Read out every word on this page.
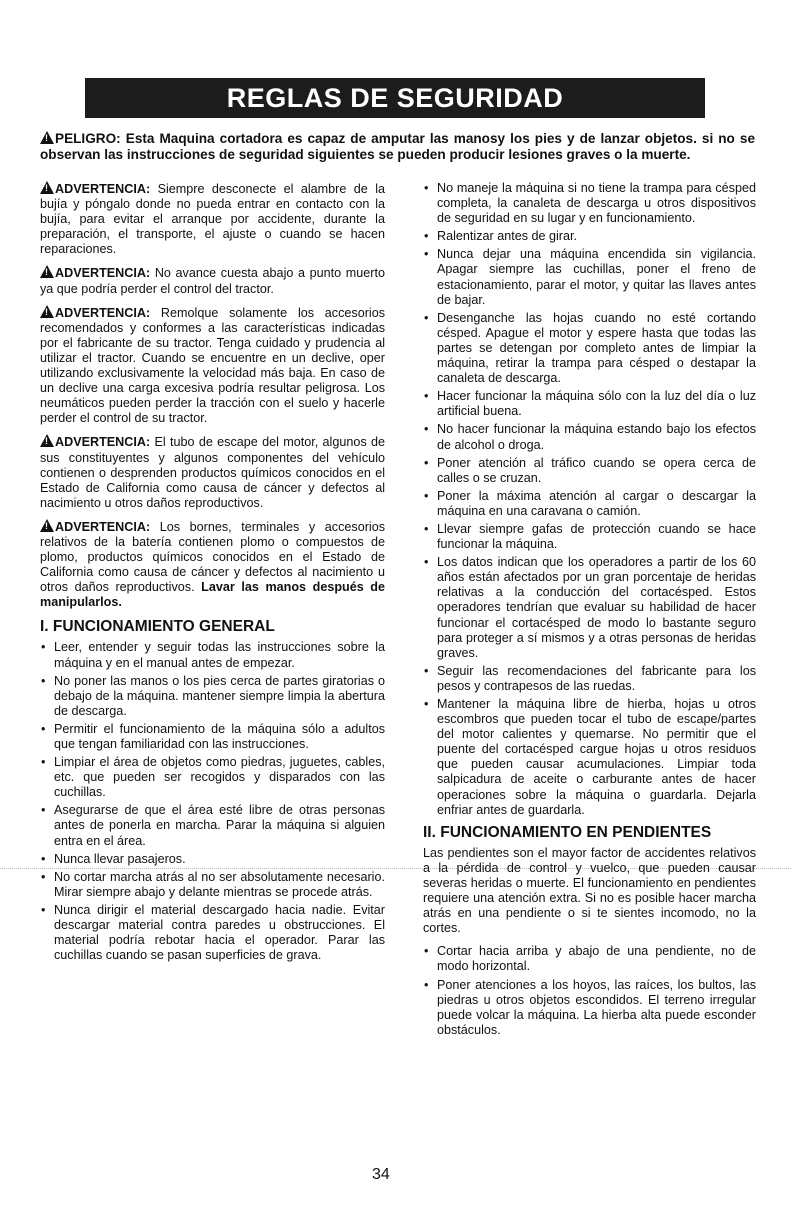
REGLAS DE SEGURIDAD
!PELIGRO: Esta Maquina cortadora es capaz de amputar las manosy los pies y de lanzar objetos. si no se observan las instrucciones de seguridad siguientes se pueden producir lesiones graves o la muerte.

!ADVERTENCIA: Siempre desconecte el alambre de la bujía y póngalo donde no pueda entrar en contacto con la bujía, para evitar el arranque por accidente, durante la preparación, el transporte, el ajuste o cuando se hacen reparaciones.

!ADVERTENCIA: No avance cuesta abajo a punto muerto ya que podría perder el control del tractor.

!ADVERTENCIA: Remolque solamente los accesorios recomendados y conformes a las características indicadas por el fabricante de su tractor. Tenga cuidado y prudencia al utilizar el tractor. Cuando se encuentre en un declive, oper utilizando exclusivamente la velocidad más baja. En caso de un declive una carga excesiva podría resultar peligrosa. Los neumáticos pueden perder la tracción con el suelo y hacerle perder el control de su tractor.

!ADVERTENCIA: El tubo de escape del motor, algunos de sus constituyentes y algunos componentes del vehículo contienen o desprenden productos químicos conocidos en el Estado de California como causa de cáncer y defectos al nacimiento u otros daños reproductivos.

!ADVERTENCIA: Los bornes, terminales y accesorios relativos de la batería contienen plomo o compuestos de plomo, productos químicos conocidos en el Estado de California como causa de cáncer y defectos al nacimiento u otros daños reproductivos. Lavar las manos después de manipularlos.

I. FUNCIONAMIENTO GENERAL
• Leer, entender y seguir todas las instrucciones sobre la máquina y en el manual antes de empezar.
• No poner las manos o los pies cerca de partes giratorias o debajo de la máquina. mantener siempre limpia la abertura de descarga.
• Permitir el funcionamiento de la máquina sólo a adultos que tengan familiaridad con las instrucciones.
• Limpiar el área de objetos como piedras, juguetes, cables, etc. que pueden ser recogidos y disparados con las cuchillas.
• Asegurarse de que el área esté libre de otras personas antes de ponerla en marcha. Parar la máquina si alguien entra en el área.
• Nunca llevar pasajeros.
• No cortar marcha atrás al no ser absolutamente necesario. Mirar siempre abajo y delante mientras se procede atrás.
• Nunca dirigir el material descargado hacia nadie. Evitar descargar material contra paredes u obstrucciones. El material podría rebotar hacia el operador. Parar las cuchillas cuando se pasan superficies de grava.
• No maneje la máquina si no tiene la trampa para césped completa, la canaleta de descarga u otros dispositivos de seguridad en su lugar y en funcionamiento.
• Ralentizar antes de girar.
• Nunca dejar una máquina encendida sin vigilancia. Apagar siempre las cuchillas, poner el freno de estacionamiento, parar el motor, y quitar las llaves antes de bajar.
• Desenganche las hojas cuando no esté cortando césped. Apague el motor y espere hasta que todas las partes se detengan por completo antes de limpiar la máquina, retirar la trampa para césped o destapar la canaleta de descarga.
• Hacer funcionar la máquina sólo con la luz del día o luz artificial buena.
• No hacer funcionar la máquina estando bajo los efectos de alcohol o droga.
• Poner atención al tráfico cuando se opera cerca de calles o se cruzan.
• Poner la máxima atención al cargar o descargar la máquina en una caravana o camión.
• Llevar siempre gafas de protección cuando se hace funcionar la máquina.
• Los datos indican que los operadores a partir de los 60 años están afectados por un gran porcentaje de heridas relativas a la conducción del cortacésped. Estos operadores tendrían que evaluar su habilidad de hacer funcionar el cortacésped de modo lo bastante seguro para proteger a sí mismos y a otras personas de heridas graves.
• Seguir las recomendaciones del fabricante para los pesos y contrapesos de las ruedas.
• Mantener la máquina libre de hierba, hojas u otros escombros que pueden tocar el tubo de escape/partes del motor calientes y quemarse. No permitir que el puente del cortacésped cargue hojas u otros residuos que pueden causar acumulaciones. Limpiar toda salpicadura de aceite o carburante antes de hacer operaciones sobre la máquina o guardarla. Dejarla enfriar antes de guardarla.
II. FUNCIONAMIENTO EN PENDIENTES

Las pendientes son el mayor factor de accidentes relativos a la pérdida de control y vuelco, que pueden causar severas heridas o muerte. El funcionamiento en pendientes requiere una atención extra. Si no es posible hacer marcha atrás en una pendiente o si te sientes incomodo, no la cortes.

• Cortar hacia arriba y abajo de una pendiente, no de modo horizontal.
• Poner atenciones a los hoyos, las raíces, los bultos, las piedras u otros objetos escondidos. El terreno irregular puede volcar la máquina. La hierba alta puede esconder obstáculos.
34
